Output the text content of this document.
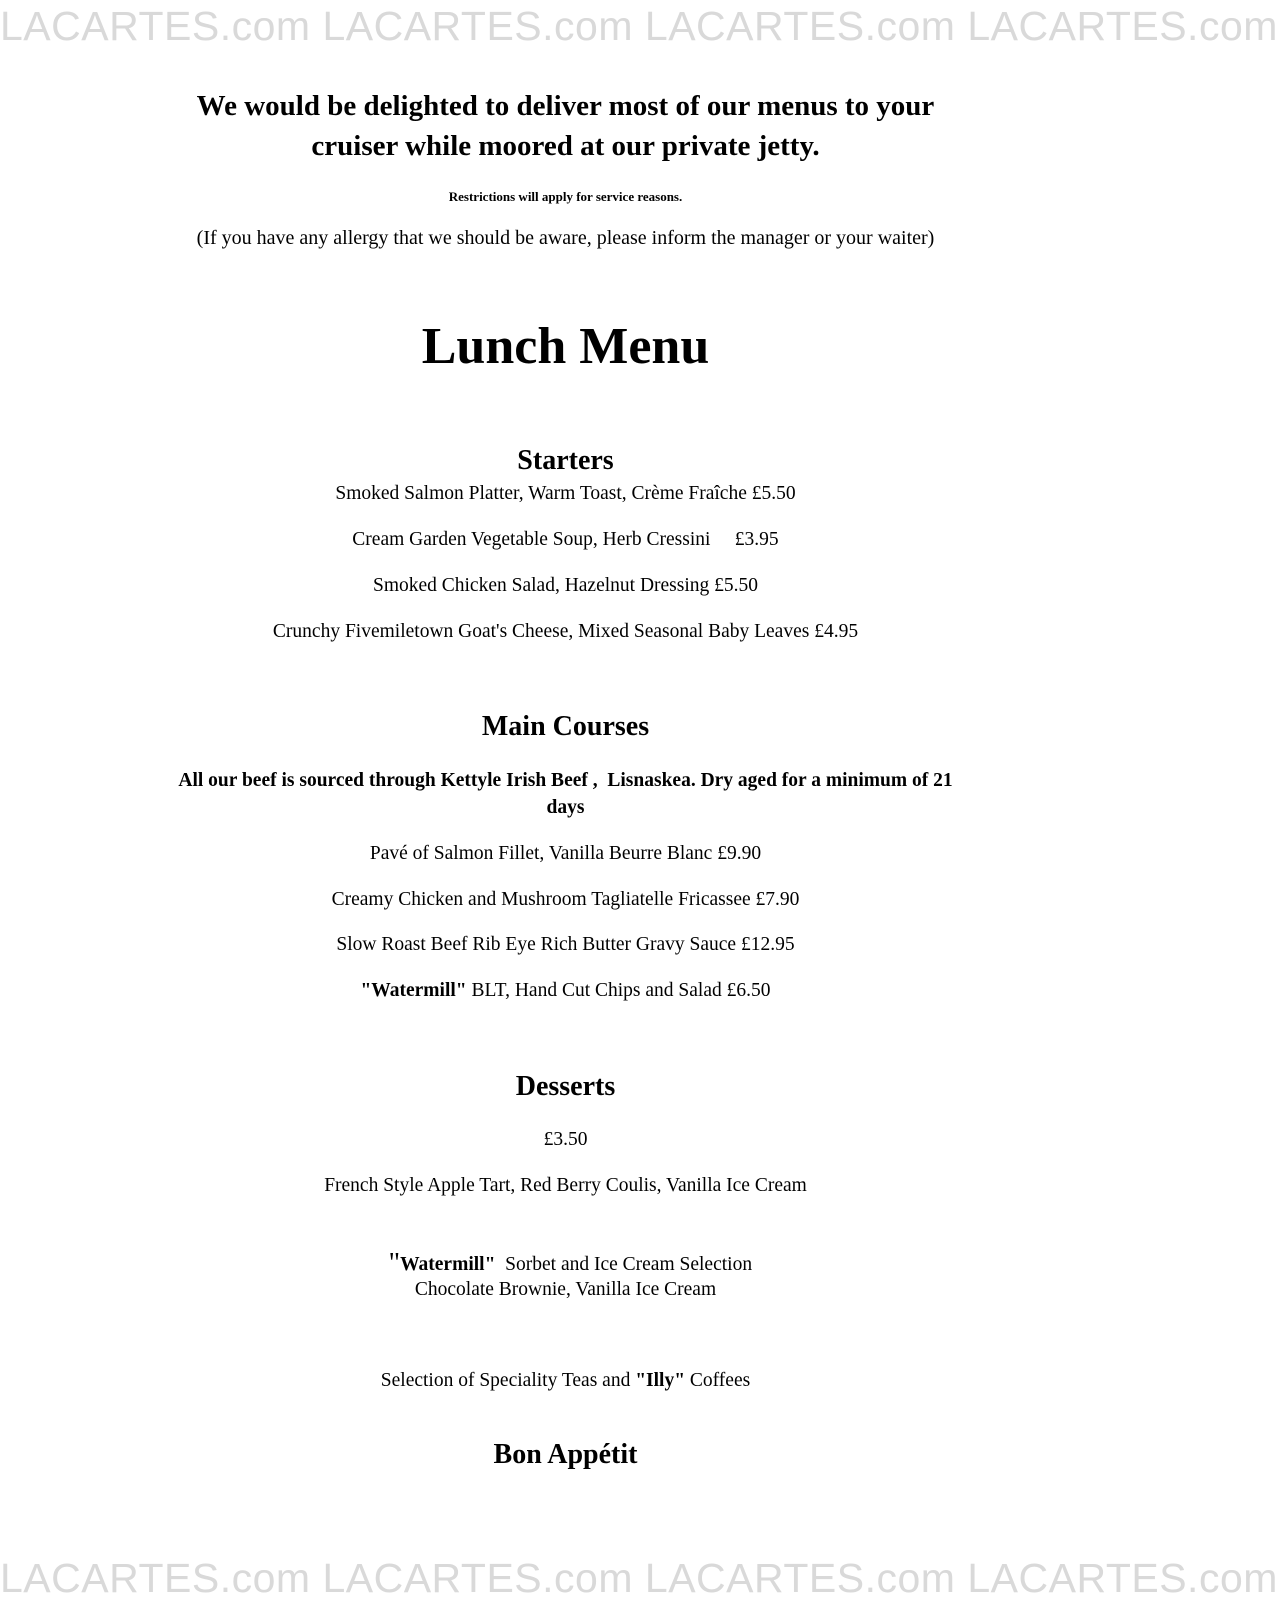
LACARTES.com LACARTES.com LACARTES.com LACARTES.com
We would be delighted to deliver most of our menus to your
cruiser while moored at our private jetty.
Restrictions will apply for service reasons.
(If you have any allergy that we should be aware, please inform the manager or your waiter)
Lunch Menu
Starters
Smoked Salmon Platter, Warm Toast, Crème Fraîche £5.50
Cream Garden Vegetable Soup, Herb Cressini     £3.95
Smoked Chicken Salad, Hazelnut Dressing £5.50
Crunchy Fivemiletown Goat's Cheese, Mixed Seasonal Baby Leaves £4.95
Main Courses
All our beef is sourced through Kettyle Irish Beef ,  Lisnaskea. Dry aged for a minimum of 21
days
Pavé of Salmon Fillet, Vanilla Beurre Blanc £9.90
Creamy Chicken and Mushroom Tagliatelle Fricassee £7.90
Slow Roast Beef Rib Eye Rich Butter Gravy Sauce £12.95
"Watermill" BLT, Hand Cut Chips and Salad £6.50
Desserts
£3.50
French Style Apple Tart, Red Berry Coulis, Vanilla Ice Cream

"Watermill"  Sorbet and Ice Cream Selection

Chocolate Brownie, Vanilla Ice Cream
Selection of Speciality Teas and "Illy" Coffees
Bon Appétit
LACARTES.com LACARTES.com LACARTES.com LACARTES.com
